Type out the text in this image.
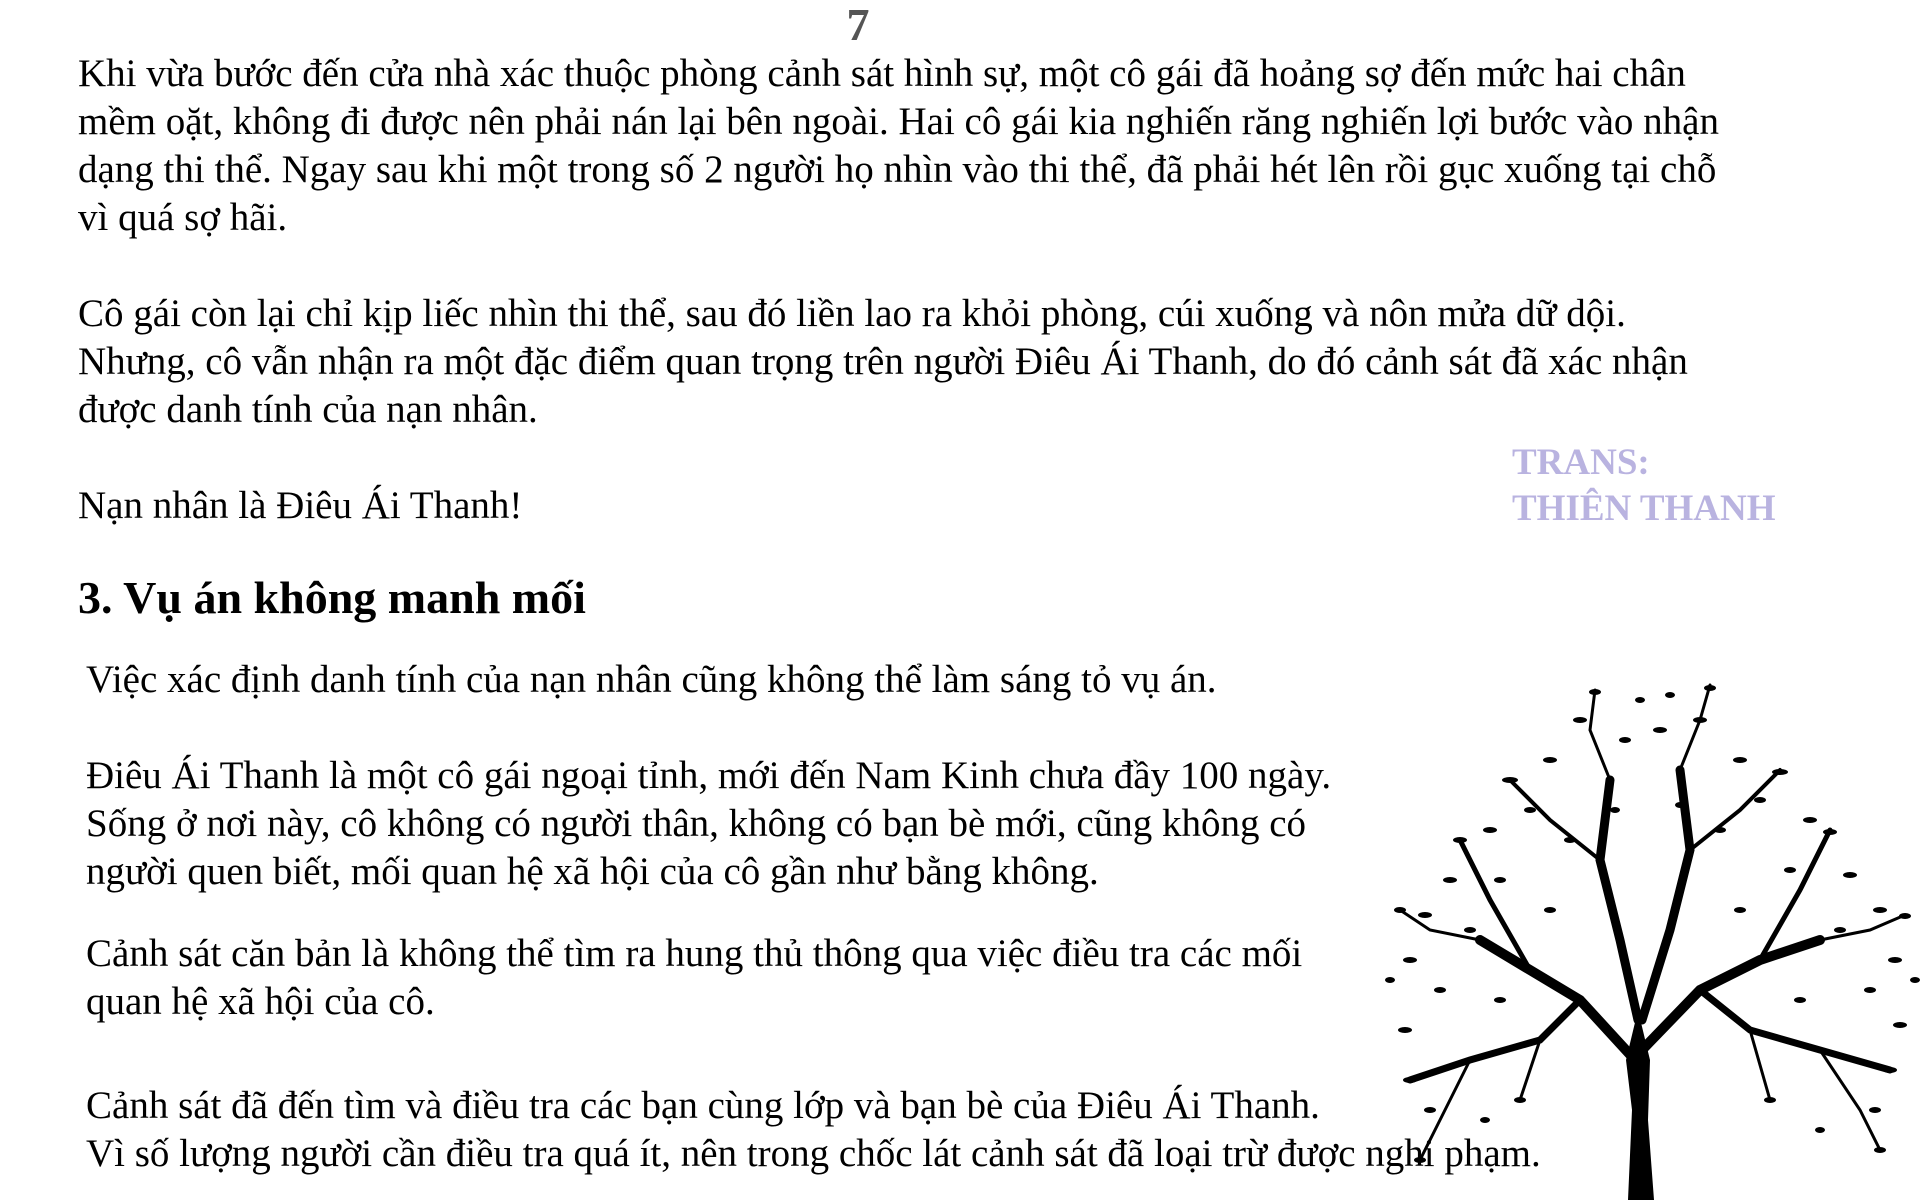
7

Khi vừa bước đến cửa nhà xác thuộc phòng cảnh sát hình sự, một cô gái đã hoảng sợ đến mức hai chân
mềm oặt, không đi được nên phải nán lại bên ngoài. Hai cô gái kia nghiến răng nghiến lợi bước vào nhận
dạng thi thể. Ngay sau khi một trong số 2 người họ nhìn vào thi thể, đã phải hét lên rồi gục xuống tại chỗ
vì quá sợ hãi.

Cô gái còn lại chỉ kịp liếc nhìn thi thể, sau đó liền lao ra khỏi phòng, cúi xuống và nôn mửa dữ dội.
Nhưng, cô vẫn nhận ra một đặc điểm quan trọng trên người Điêu Ái Thanh, do đó cảnh sát đã xác nhận
được danh tính của nạn nhân.

Nạn nhân là Điêu Ái Thanh!

TRANS:
THIÊN THANH
3. Vụ án không manh mối

Việc xác định danh tính của nạn nhân cũng không thể làm sáng tỏ vụ án.

Điêu Ái Thanh là một cô gái ngoại tỉnh, mới đến Nam Kinh chưa đầy 100 ngày.
Sống ở nơi này, cô không có người thân, không có bạn bè mới, cũng không có
người quen biết, mối quan hệ xã hội của cô gần như bằng không.

Cảnh sát căn bản là không thể tìm ra hung thủ thông qua việc điều tra các mối
quan hệ xã hội của cô.

Cảnh sát đã đến tìm và điều tra các bạn cùng lớp và bạn bè của Điêu Ái Thanh.
Vì số lượng người cần điều tra quá ít, nên trong chốc lát cảnh sát đã loại trừ được nghi phạm.
